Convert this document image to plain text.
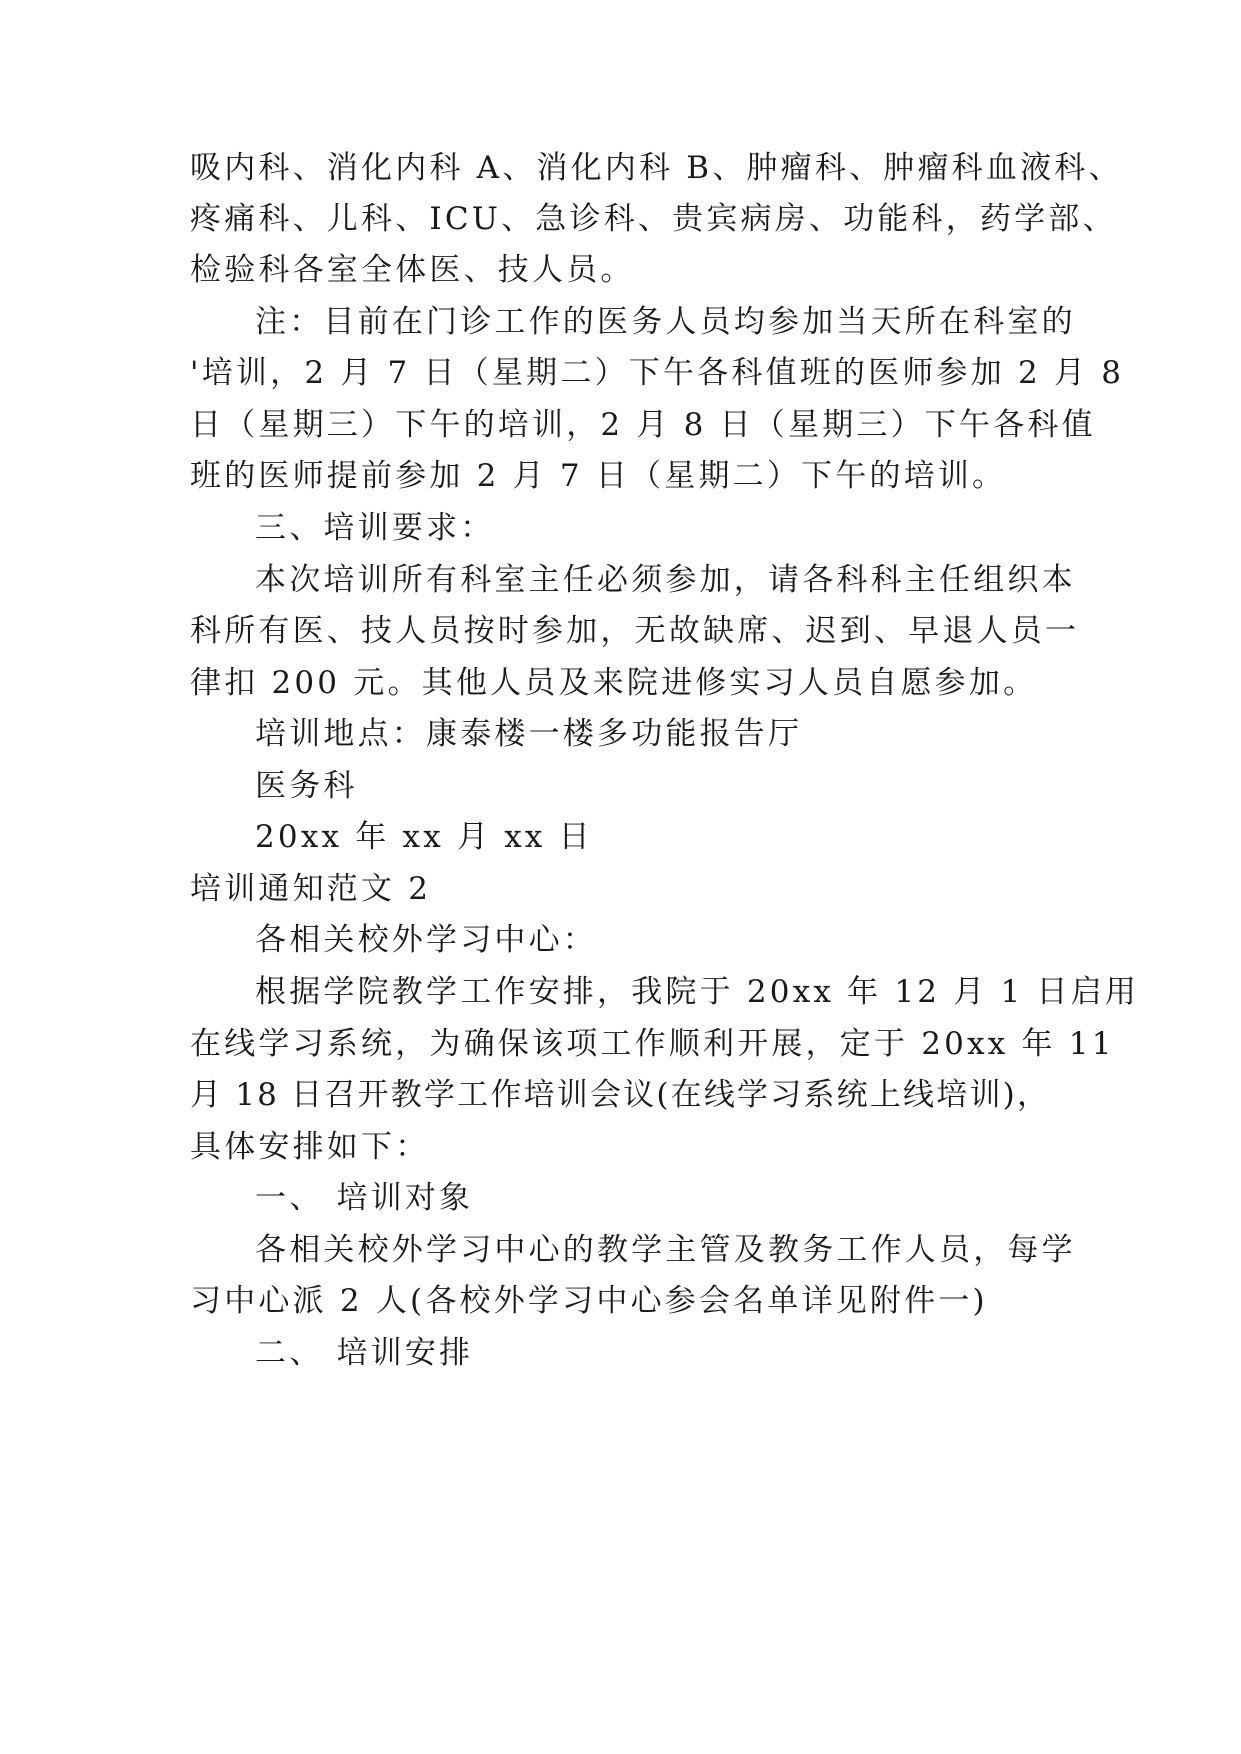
吸内科、消化内科 A、消化内科 B、肿瘤科、肿瘤科血液科、

疼痛科、儿科、ICU、急诊科、贵宾病房、功能科，药学部、

检验科各室全体医、技人员。

注：目前在门诊工作的医务人员均参加当天所在科室的

'培训，2 月 7 日（星期二）下午各科值班的医师参加 2 月 8

日（星期三）下午的培训，2 月 8 日（星期三）下午各科值

班的医师提前参加 2 月 7 日（星期二）下午的培训。

三、培训要求：

本次培训所有科室主任必须参加，请各科科主任组织本

科所有医、技人员按时参加，无故缺席、迟到、早退人员一

律扣 200 元。其他人员及来院进修实习人员自愿参加。

培训地点：康泰楼一楼多功能报告厅

医务科

20xx 年 xx 月 xx 日

培训通知范文 2

各相关校外学习中心：

根据学院教学工作安排，我院于 20xx 年 12 月 1 日启用

在线学习系统，为确保该项工作顺利开展，定于 20xx 年 11

月 18 日召开教学工作培训会议(在线学习系统上线培训)，

具体安排如下：

一、 培训对象

各相关校外学习中心的教学主管及教务工作人员，每学

习中心派 2 人(各校外学习中心参会名单详见附件一)

二、 培训安排
